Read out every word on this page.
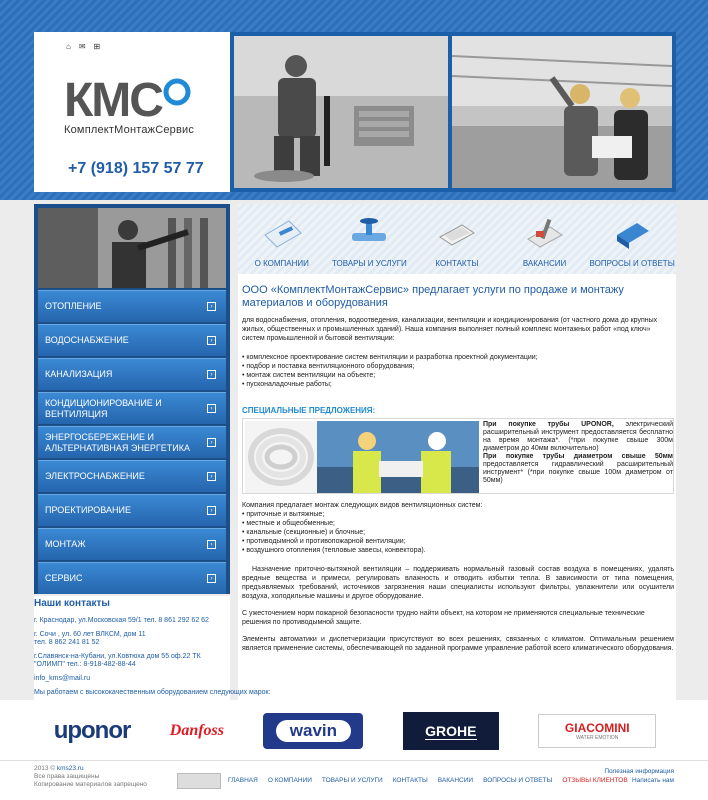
⌂ ✉ ⊞
КМС
КомплектМонтажСервис
+7 (918) 157 57 77
ОТОПЛЕНИЕ	›
ВОДОСНАБЖЕНИЕ	›
КАНАЛИЗАЦИЯ	›
КОНДИЦИОНИРОВАНИЕ И ВЕНТИЛЯЦИЯ	›
ЭНЕРГОСБЕРЕЖЕНИЕ И АЛЬТЕРНАТИВНАЯ ЭНЕРГЕТИКА	›
ЭЛЕКТРОСНАБЖЕНИЕ	›
ПРОЕКТИРОВАНИЕ	›
МОНТАЖ	›
СЕРВИС	›
Наши контакты

г. Краснодар, ул.Московская 59/1 тел. 8 861 292 62 62

г. Сочи , ул. 60 лет ВЛКСМ, дом 11
тел. 8 862 241 81 52

г.Славянск-на-Кубани, ул.Ковтюха дом 55 оф.22 ТК
"ОЛИМП" тел.: 8-918-482-88-44

info_kms@mail.ru

О КОМПАНИИ	ТОВАРЫ И УСЛУГИ	КОНТАКТЫ	ВАКАНСИИ	ВОПРОСЫ И ОТВЕТЫ
ООО «КомплектМонтажСервис» предлагает услуги по продаже и монтажу материалов и оборудования

для водоснабжения, отопления, водоотведения, канализации, вентиляции и кондиционирования (от частного дома до крупных жилых, общественных и промышленных зданий). Наша компания выполняет полный комплекс монтажных работ «под ключ» систем промышленной и бытовой вентиляции:

• комплексное проектирование систем вентиляции и разработка проектной документации;
• подбор и поставка вентиляционного оборудования;
• монтаж систем вентиляции на объекте;
• пусконаладочные работы;
СПЕЦИАЛЬНЫЕ ПРЕДЛОЖЕНИЯ:
При покупке трубы UPONOR, электрический расширительный инструмент предоставляется бесплатно на время монтажа*. (*при покупке свыше 300м диаметром до 40мм включительно)
При покупке трубы диаметром свыше 50мм предоставляется гидравлический расширительный инструмент* (*при покупке свыше 100м диаметром от 50мм)

Компания предлагает монтаж следующих видов вентиляционных систем:

• приточные и вытяжные;
• местные и общеобменные;
• канальные (секционные) и блочные;
• противодымной и противопожарной вентиляции;
• воздушного отопления (тепловые завесы, конвектора).

Назначение приточно-вытяжной вентиляции – поддерживать нормальный газовый состав воздуха в помещениях, удалять вредные вещества и примеси, регулировать влажность и отводить избытки тепла. В зависимости от типа помещения, предъявляемых требований, источников загрязнения наши специалисты используют фильтры, увлажнители или осушители воздуха, холодильные машины и другое оборудование.

С ужесточением норм пожарной безопасности трудно найти объект, на котором не применяются специальные технические решения по противодымной защите.

Элементы автоматики и диспетчеризации присутствуют во всех решениях, связанных с климатом. Оптимальным решением является применение системы, обеспечивающей по заданной программе управление работой всего климатического оборудования.

Мы работаем с высококачественным оборудованием следующих марок:
uponor Danfoss	wavin	GROHE	GIACOMINI
WATER EMOTION
2013 © kms23.ru
Все права защищены
Копирование материалов запрещено
ГЛАВНАЯ О КОМПАНИИ ТОВАРЫ И УСЛУГИ КОНТАКТЫ ВАКАНСИИ ВОПРОСЫ И ОТВЕТЫ ОТЗЫВЫ КЛИЕНТОВ
Полезная информация
Написать нам
